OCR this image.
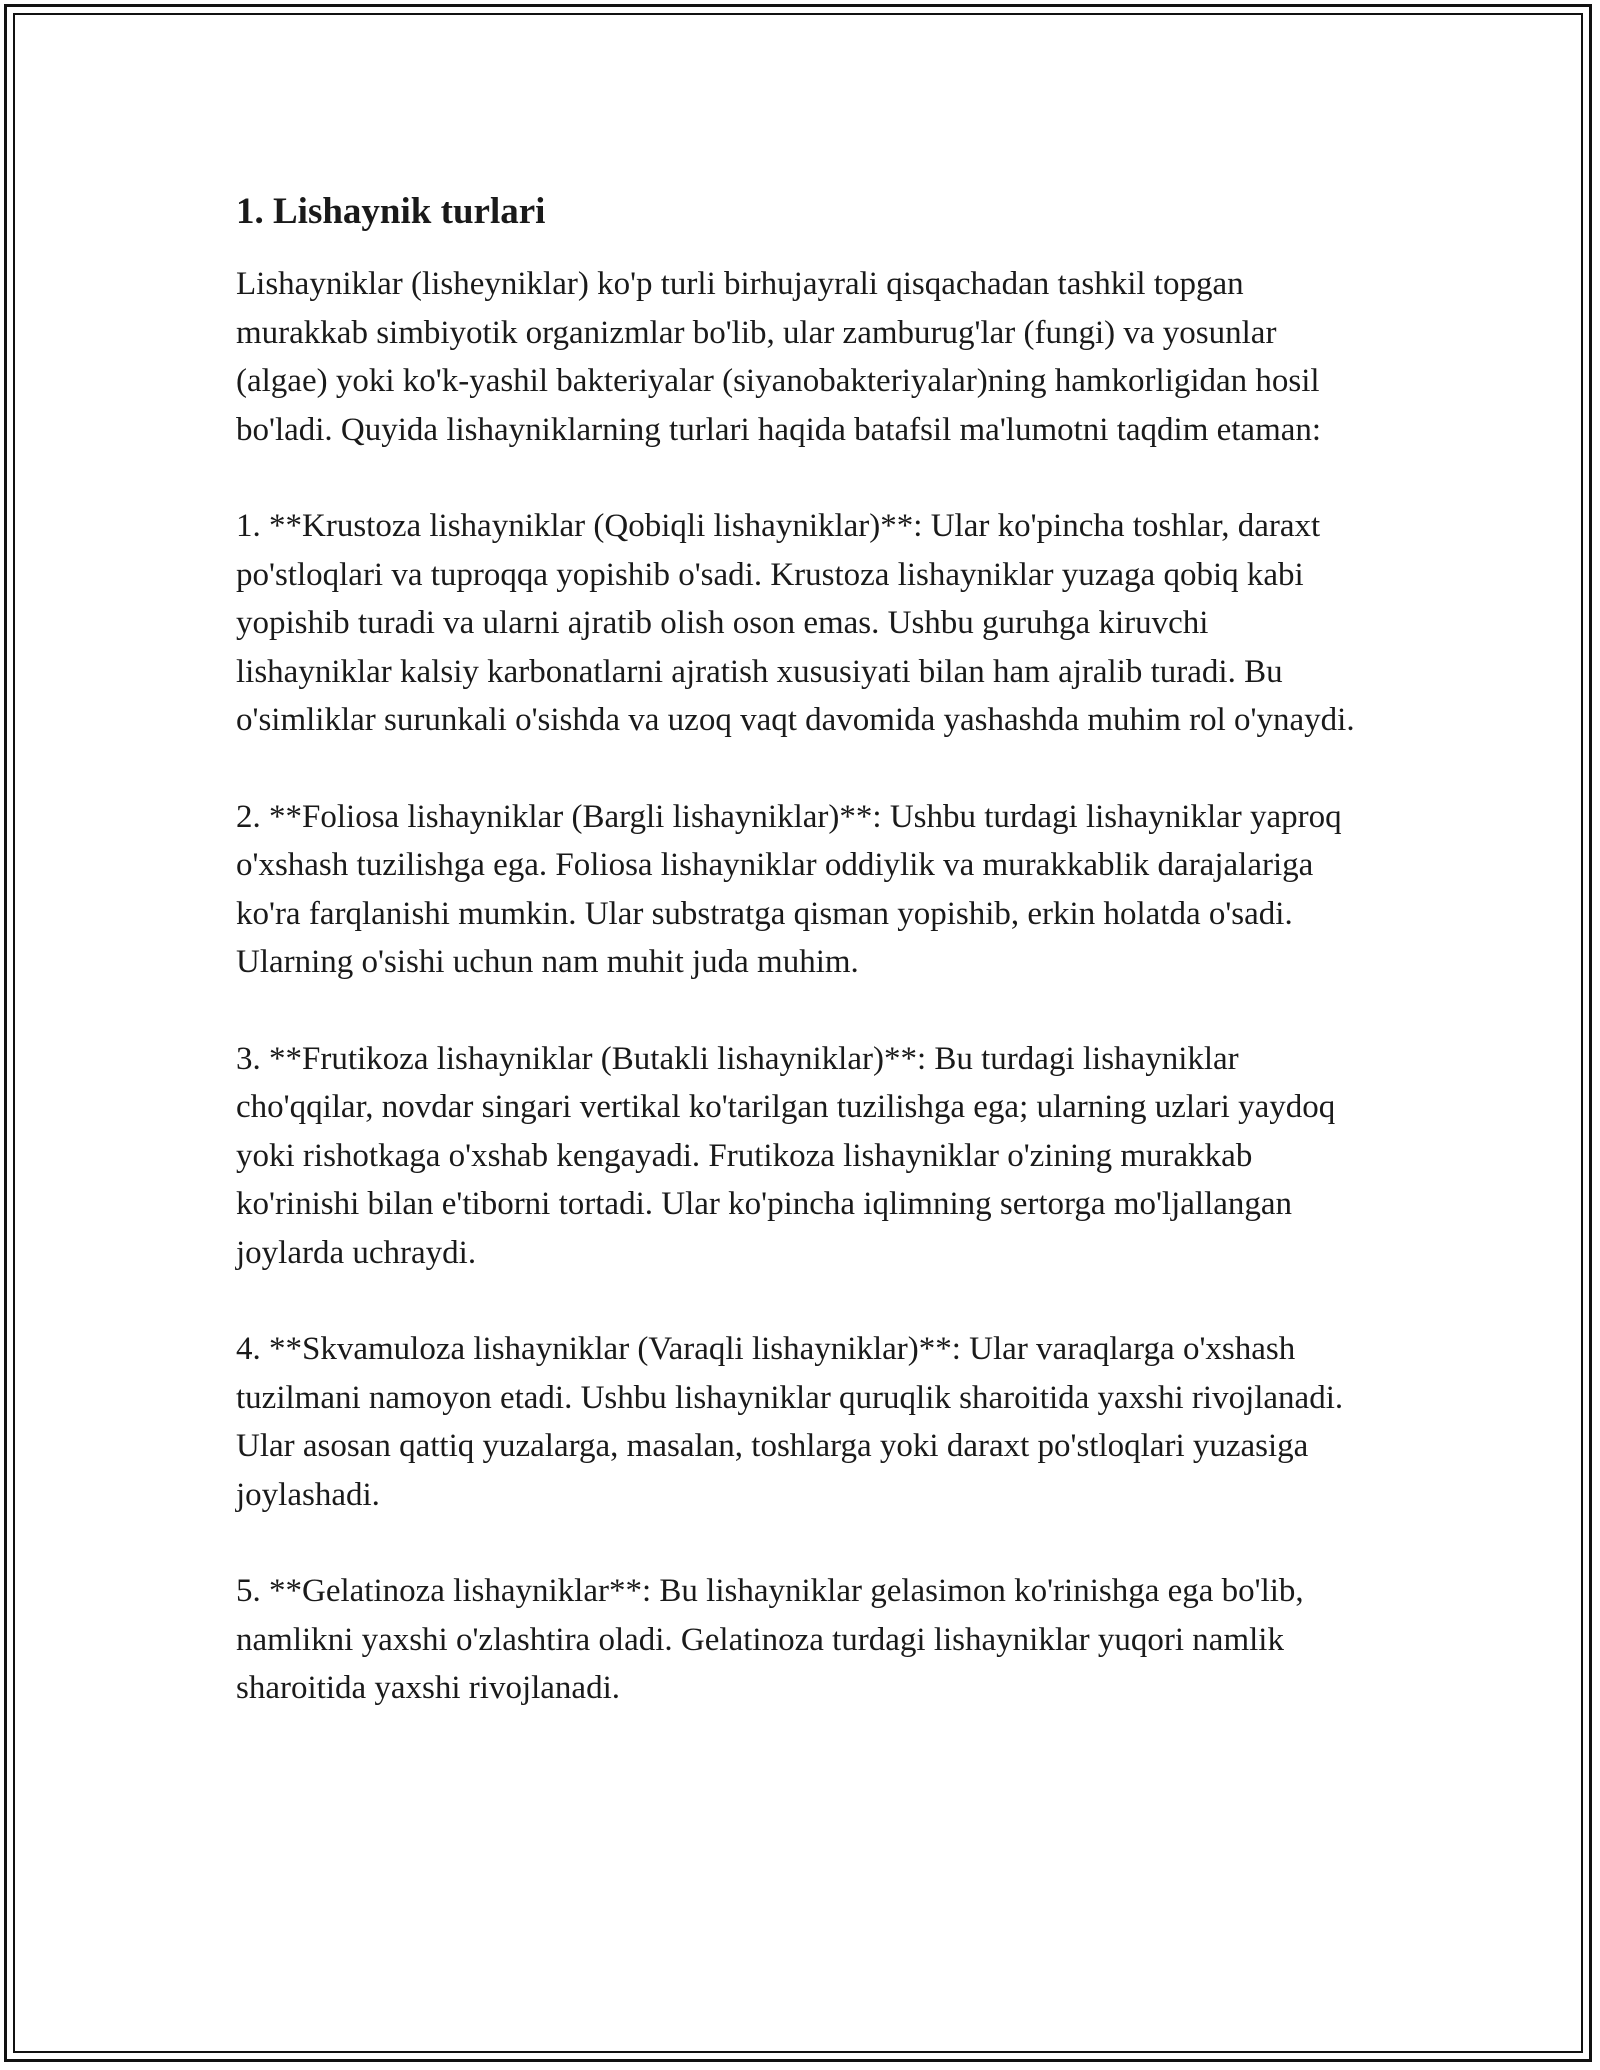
1. Lishaynik turlari

Lishayniklar (lisheyniklar) ko'p turli birhujayrali qisqachadan tashkil topgan murakkab simbiyotik organizmlar bo'lib, ular zamburug'lar (fungi) va yosunlar (algae) yoki ko'k-yashil bakteriyalar (siyanobakteriyalar)ning hamkorligidan hosil bo'ladi. Quyida lishayniklarning turlari haqida batafsil ma'lumotni taqdim etaman:

1. **Krustoza lishayniklar (Qobiqli lishayniklar)**: Ular ko'pincha toshlar, daraxt po'stloqlari va tuproqqa yopishib o'sadi. Krustoza lishayniklar yuzaga qobiq kabi yopishib turadi va ularni ajratib olish oson emas. Ushbu guruhga kiruvchi lishayniklar kalsiy karbonatlarni ajratish xususiyati bilan ham ajralib turadi. Bu o'simliklar surunkali o'sishda va uzoq vaqt davomida yashashda muhim rol o'ynaydi.

2. **Foliosa lishayniklar (Bargli lishayniklar)**: Ushbu turdagi lishayniklar yaproq o'xshash tuzilishga ega. Foliosa lishayniklar oddiylik va murakkablik darajalariga ko'ra farqlanishi mumkin. Ular substratga qisman yopishib, erkin holatda o'sadi. Ularning o'sishi uchun nam muhit juda muhim.

3. **Frutikoza lishayniklar (Butakli lishayniklar)**: Bu turdagi lishayniklar cho'qqilar, novdar singari vertikal ko'tarilgan tuzilishga ega; ularning uzlari yaydoq yoki rishotkaga o'xshab kengayadi. Frutikoza lishayniklar o'zining murakkab ko'rinishi bilan e'tiborni tortadi. Ular ko'pincha iqlimning sertorga mo'ljallangan joylarda uchraydi.

4. **Skvamuloza lishayniklar (Varaqli lishayniklar)**: Ular varaqlarga o'xshash tuzilmani namoyon etadi. Ushbu lishayniklar quruqlik sharoitida yaxshi rivojlanadi. Ular asosan qattiq yuzalarga, masalan, toshlarga yoki daraxt po'stloqlari yuzasiga joylashadi.

5. **Gelatinoza lishayniklar**: Bu lishayniklar gelasimon ko'rinishga ega bo'lib, namlikni yaxshi o'zlashtira oladi. Gelatinoza turdagi lishayniklar yuqori namlik sharoitida yaxshi rivojlanadi.
